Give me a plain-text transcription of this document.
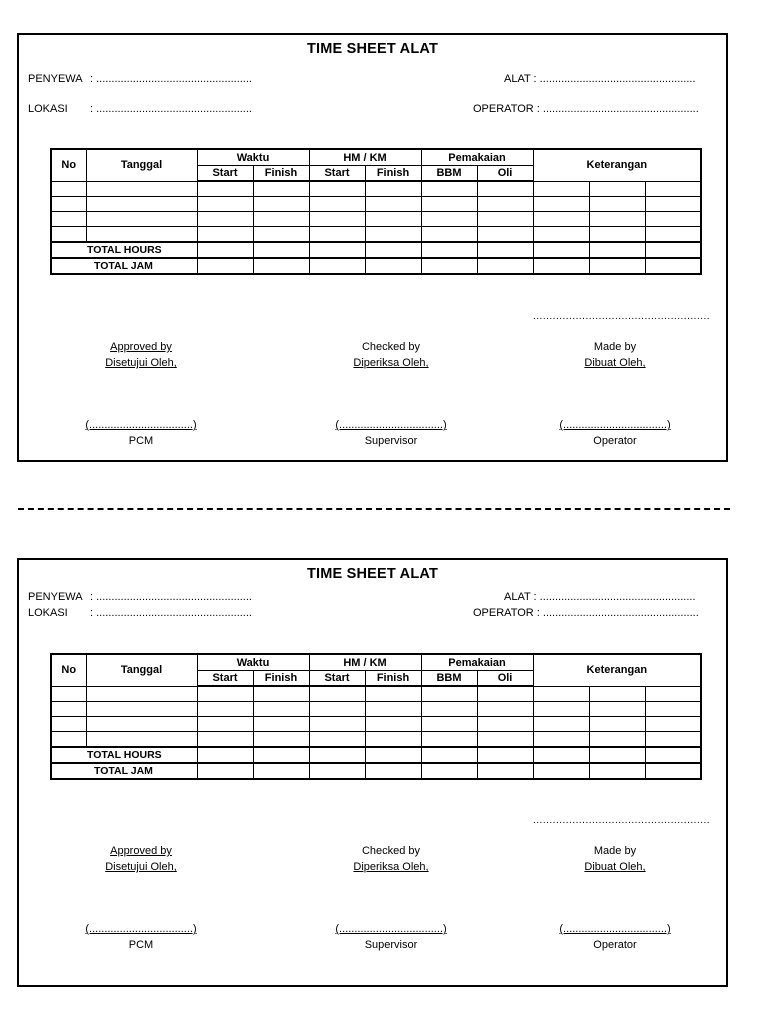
TIME SHEET ALAT
PENYEWA : ...................................................
LOKASI : ...................................................
ALAT : ...................................................
OPERATOR : ...................................................
No	Tanggal	Waktu		HM / KM		Pemakaian		Keterangan		
		Start	Finish	Start	Finish	BBM	Oli			

TOTAL HOURS										
TOTAL JAM										
......................................................
Approved by
Disetujui Oleh,
Checked by
Diperiksa Oleh,
Made by
Dibuat Oleh,
(..................................)
PCM
(..................................)
Supervisor
(..................................)
Operator
TIME SHEET ALAT
PENYEWA : ...................................................
LOKASI : ...................................................
ALAT : ...................................................
OPERATOR : ...................................................
No	Tanggal	Waktu		HM / KM		Pemakaian		Keterangan		
		Start	Finish	Start	Finish	BBM	Oli			

TOTAL HOURS										
TOTAL JAM										
......................................................
Approved by
Disetujui Oleh,
Checked by
Diperiksa Oleh,
Made by
Dibuat Oleh,
(..................................)
PCM
(..................................)
Supervisor
(..................................)
Operator
